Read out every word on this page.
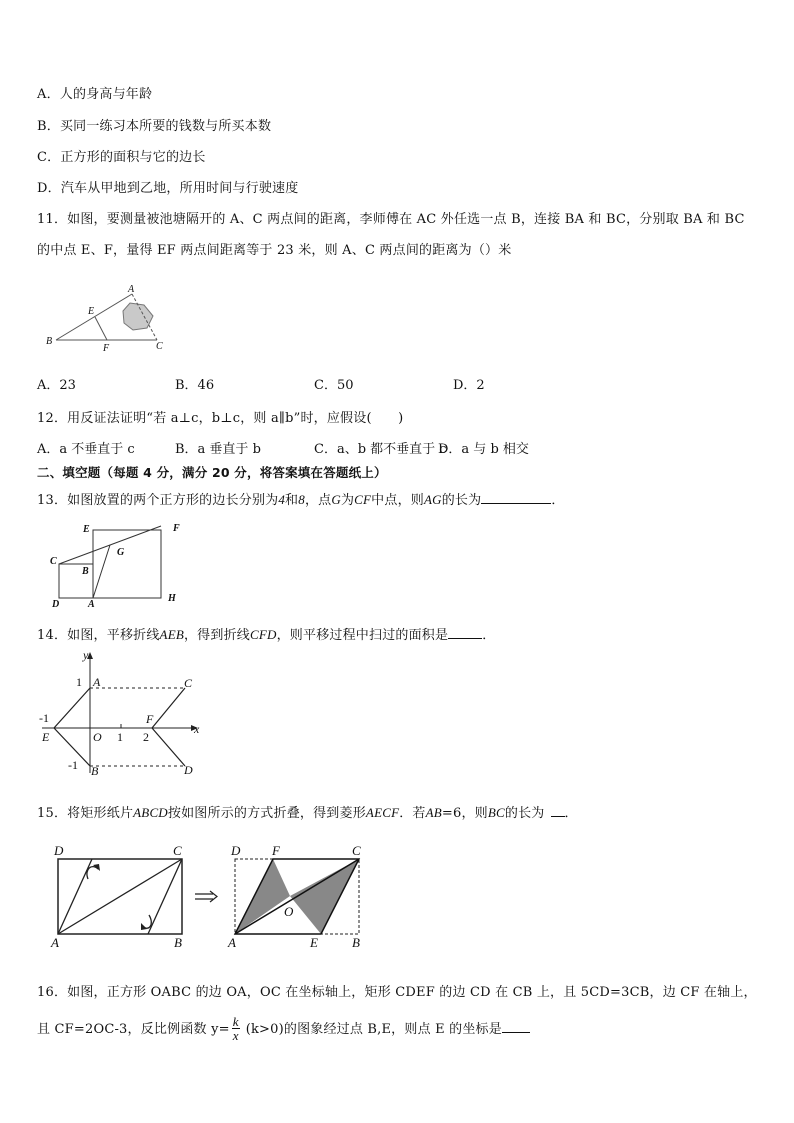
A．人的身高与年龄
B．买同一练习本所要的钱数与所买本数
C．正方形的面积与它的边长
D．汽车从甲地到乙地，所用时间与行驶速度
11．如图，要测量被池塘隔开的 A、C 两点间的距离，李师傅在 AC 外任选一点 B，连接 BA 和 BC，分别取 BA 和 BC
的中点 E、F，量得 EF 两点间距离等于 23 米，则 A、C 两点间的距离为（）米
A
E
B
F	C
A．23	B．46	C．50	D．2
12．用反证法证明“若 a⊥c，b⊥c，则 a∥b”时，应假设(　　)
A．a 不垂直于 c	B．a 垂直于 b	C．a、b 都不垂直于 c
D．a 与 b 相交
二、填空题（每题 4 分，满分 20 分，将答案填在答题纸上）
13．如图放置的两个正方形的边长分别为4和8，点G为CF中点，则AG的长为	．
E	F
C
G
B
D	A
H
14．如图，平移折线AEB，得到折线CFD，则平移过程中扫过的面积是	．
y
x
1 A	C
-1
E	O 1
F
2
-1 B	D
15．将矩形纸片ABCD按如图所示的方式折叠，得到菱形AECF．若AB=6，则BC的长为 ．
D	C
A	B
D F	C
O
A	E	B
16．如图，正方形 OABC 的边 OA，OC 在坐标轴上，矩形 CDEF 的边 CD 在 CB 上，且 5CD=3CB，边 CF 在轴上，
且 CF=2OC-3，反比例函数 $y= \frac{k}{x} (k>0)$的图象经过点 B,E，则点 E 的坐标是
